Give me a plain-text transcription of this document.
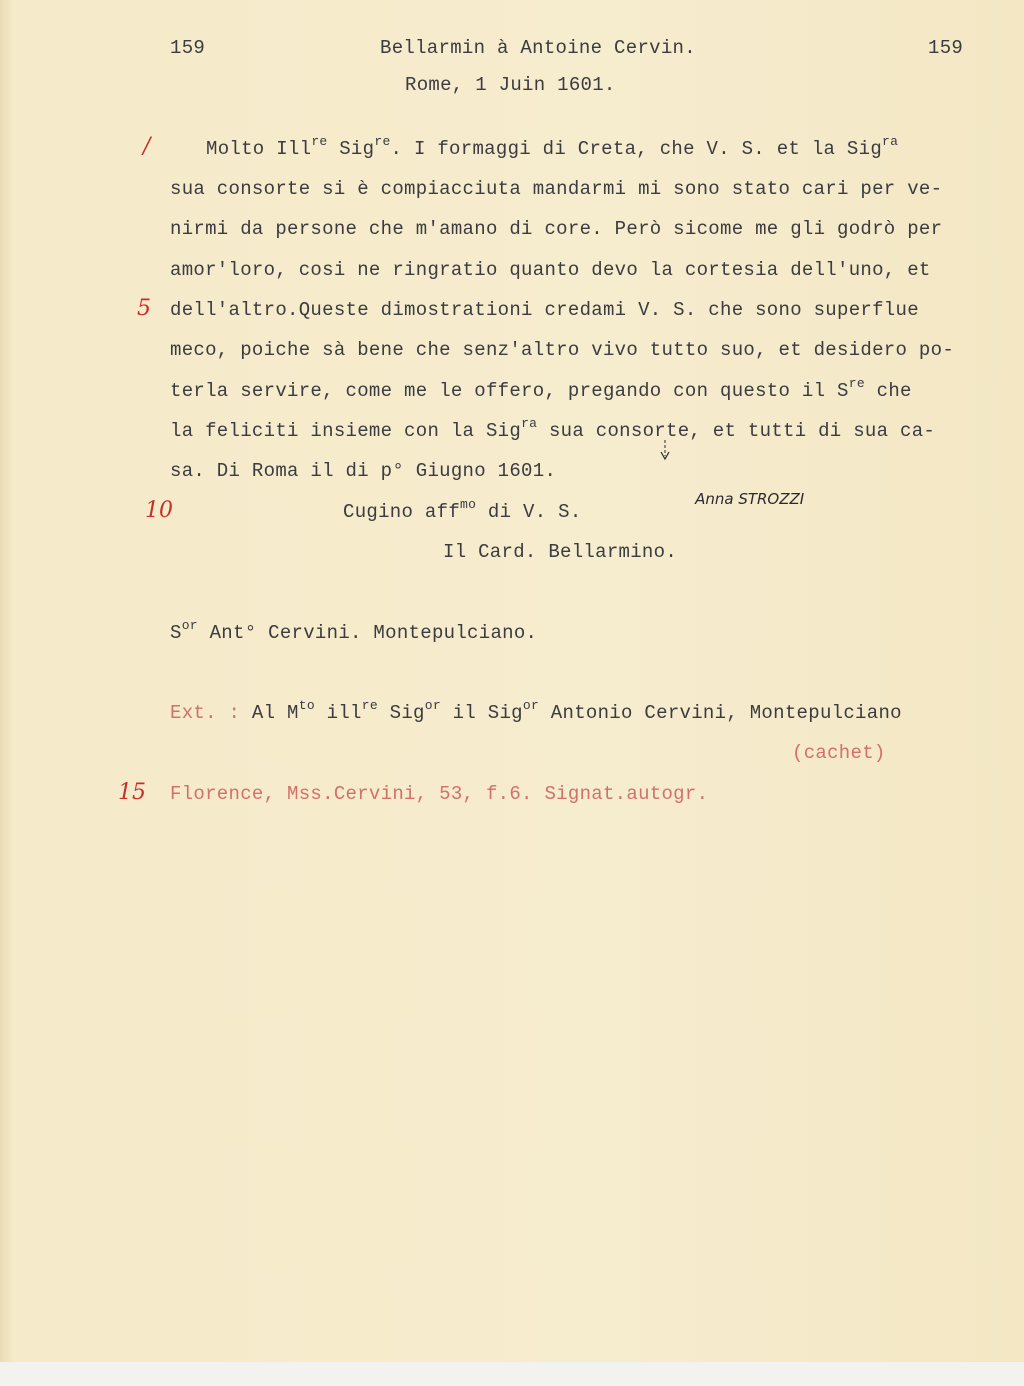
159	Bellarmin à Antoine Cervin.	159
Rome, 1 Juin 1601.
/
5
10
15
Molto Ill$^{re}$ Sig$^{re}$. I formaggi di Creta, che V. S. et la Sig$^{ra}$
sua consorte si è compiacciuta mandarmi mi sono stato cari per ve-
nirmi da persone che m'amano di core. Però sicome me gli godrò per
amor'loro, cosi ne ringratio quanto devo la cortesia dell'uno, et
dell'altro.Queste dimostrationi credami V. S. che sono superflue
meco, poiche sà bene che senz'altro vivo tutto suo, et desidero po-
terla servire, come me le offero, pregando con questo il $S^{re}$ che
la feliciti insieme con la Sig$^{ra}$ sua consorte, et tutti di sua ca-
sa. Di Roma il di p° Giugno 1601.

Anna STROZZI

Cugino aff$^{mo}$ di V. S.
Il Card. Bellarmino.
$S^{or}$ Ant° Cervini. Montepulciano.
Ext. : Al $M^{to}$ ill$^{re}$ Sig$^{or}$ il Sig$^{or}$ Antonio Cervini, Montepulciano
(cachet)
Florence, Mss.Cervini, 53, f.6. Signat.autogr.
